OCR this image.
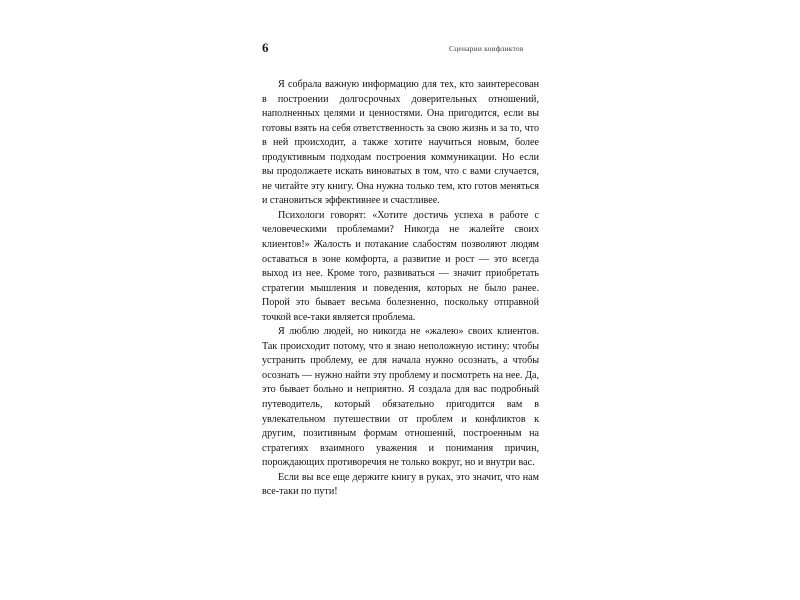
6	Сценарии конфликтов

Я собрала важную информацию для тех, кто заинтересован в построении долгосрочных доверительных отношений, наполненных целями и ценностями. Она пригодится, если вы готовы взять на себя ответственность за свою жизнь и за то, что в ней происходит, а также хотите научиться новым, более продуктивным подходам построения коммуникации. Но если вы продолжаете искать виноватых в том, что с вами случается, не читайте эту книгу. Она нужна только тем, кто готов меняться и становиться эффективнее и счастливее.

Психологи говорят: «Хотите достичь успеха в работе с человеческими проблемами? Никогда не жалейте своих клиентов!» Жалость и потакание слабостям позволяют людям оставаться в зоне комфорта, а развитие и рост — это всегда выход из нее. Кроме того, развиваться — значит приобретать стратегии мышления и поведения, которых не было ранее. Порой это бывает весьма болезненно, поскольку отправной точкой все-таки является проблема.

Я люблю людей, но никогда не «жалею» своих клиентов. Так происходит потому, что я знаю неположную истину: чтобы устранить проблему, ее для начала нужно осознать, а чтобы осознать — нужно найти эту проблему и посмотреть на нее. Да, это бывает больно и неприятно. Я создала для вас подробный путеводитель, который обязательно пригодится вам в увлекательном путешествии от проблем и конфликтов к другим, позитивным формам отношений, построенным на стратегиях взаимного уважения и понимания причин, порождающих противоречия не только вокруг, но и внутри вас.

Если вы все еще держите книгу в руках, это значит, что нам все-таки по пути!
